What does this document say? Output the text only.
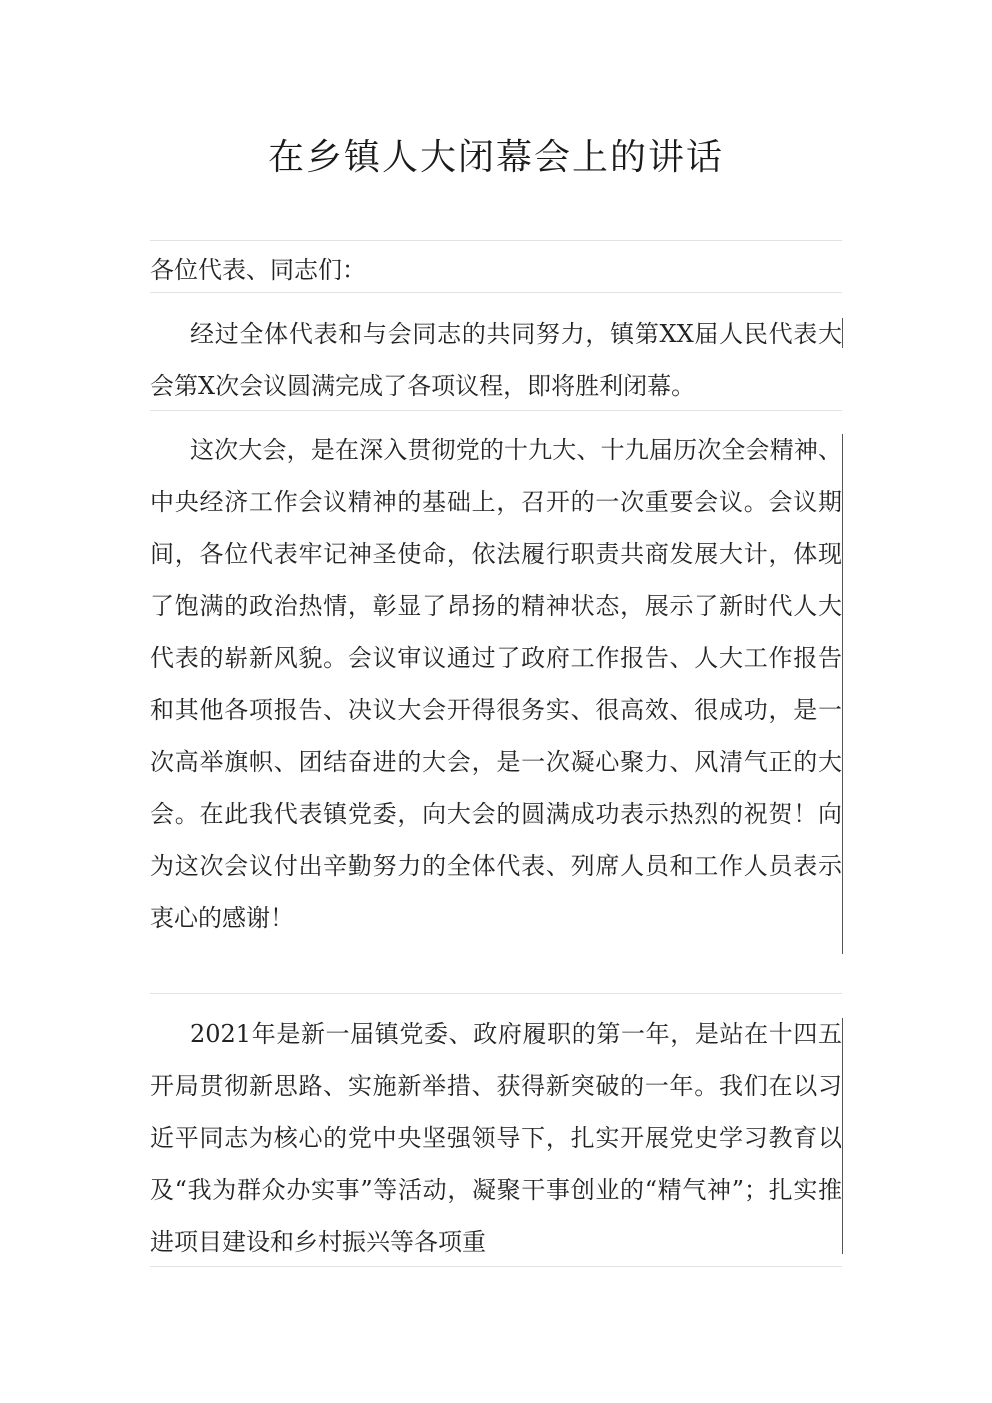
在乡镇人大闭幕会上的讲话
各位代表、同志们：
经过全体代表和与会同志的共同努力，镇第XX届人民代表大会第X次会议圆满完成了各项议程，即将胜利闭幕。
这次大会，是在深入贯彻党的十九大、十九届历次全会精神、中央经济工作会议精神的基础上，召开的一次重要会议。会议期间，各位代表牢记神圣使命，依法履行职责共商发展大计，体现了饱满的政治热情，彰显了昂扬的精神状态，展示了新时代人大代表的崭新风貌。会议审议通过了政府工作报告、人大工作报告和其他各项报告、决议大会开得很务实、很高效、很成功，是一次高举旗帜、团结奋进的大会，是一次凝心聚力、风清气正的大会。在此我代表镇党委，向大会的圆满成功表示热烈的祝贺！向为这次会议付出辛勤努力的全体代表、列席人员和工作人员表示衷心的感谢！
2021年是新一届镇党委、政府履职的第一年，是站在十四五开局贯彻新思路、实施新举措、获得新突破的一年。我们在以习近平同志为核心的党中央坚强领导下，扎实开展党史学习教育以及“我为群众办实事”等活动，凝聚干事创业的“精气神”；扎实推进项目建设和乡村振兴等各项重
